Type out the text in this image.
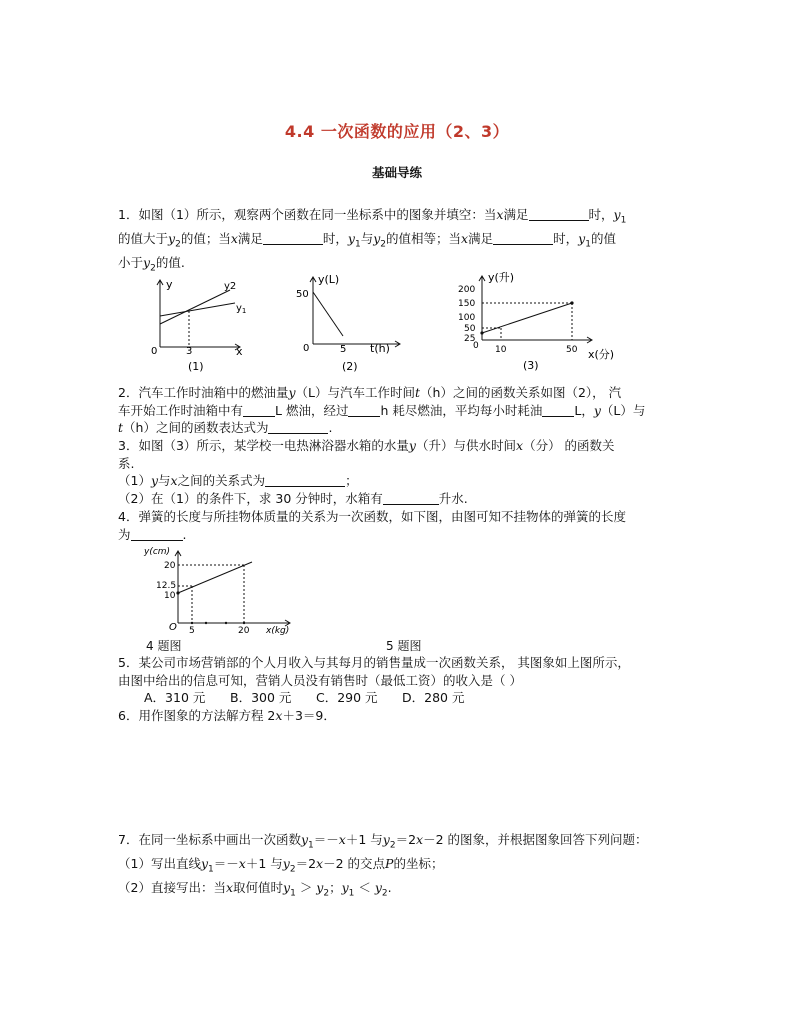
4.4 一次函数的应用（2、3）
基础导练
1．如图（1）所示，观察两个函数在同一坐标系中的图象并填空：当x满足	时，$y_1$
的值大于$y_2$的值；当x满足	时，$y_1$与$y_2$的值相等；当x满足	时，$y_1$的值
小于$y_2$的值.
y
x
0	3
y2
$y_1$
(1)
y(L)
t(h)
0
50
5
(2)
y(升)
x(分)
0
200
150
100
50
25
10	50
(3)
2．汽车工作时油箱中的燃油量y（L）与汽车工作时间t（h）之间的函数关系如图（2）， 汽
车开始工作时油箱中有	L 燃油，经过	h 耗尽燃油，平均每小时耗油	L，y（L）与
t（h）之间的函数表达式为	.
3．如图（3）所示，某学校一电热淋浴器水箱的水量y（升）与供水时间x（分） 的函数关
系.
（1）y与x之间的关系式为	；
（2）在（1）的条件下，求 30 分钟时，水箱有	升水.
4．弹簧的长度与所挂物体质量的关系为一次函数，如下图，由图可知不挂物体的弹簧的长度
为	.
y(cm)
x(kg)
O
20
12.5
10
5	20
4 题图	5 题图
5．某公司市场营销部的个人月收入与其每月的销售量成一次函数关系， 其图象如上图所示，
由图中给出的信息可知，营销人员没有销售时（最低工资）的收入是（ ）
A．310 元 B．300 元 C．290 元 D．280 元
6．用作图象的方法解方程 2x＋3＝9．
7．在同一坐标系中画出一次函数$y_1=-x+1$ 与$y_2=2x-2$ 的图象，并根据图象回答下列问题：
（1）写出直线$y_1=-x+1$ 与$y_2=2x-2$ 的交点P的坐标；
（2）直接写出：当x取何值时$y_1 > y_2$；$y_1 < y_2$.
